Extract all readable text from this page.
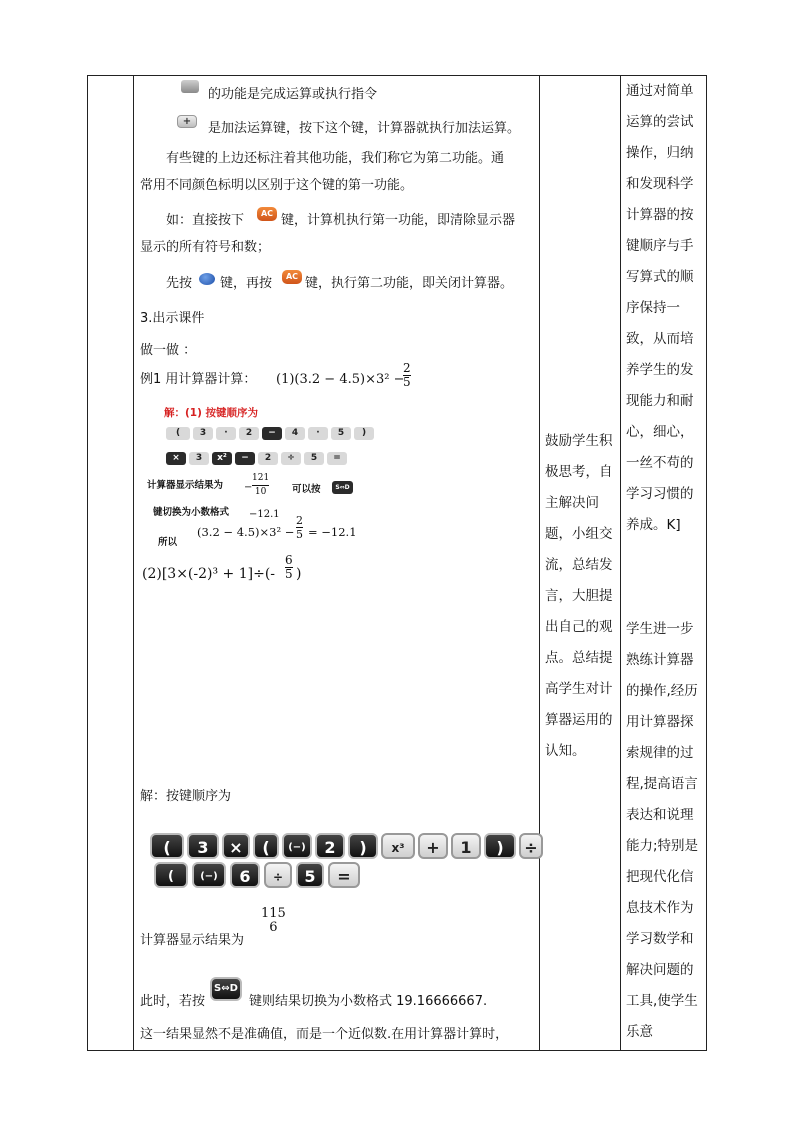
的功能是完成运算或执行指令
+	是加法运算键，按下这个键，计算器就执行加法运算。
有些键的上边还标注着其他功能，我们称它为第二功能。通
常用不同颜色标明以区别于这个键的第一功能。
如：直接按下	AC 键，计算机执行第一功能，即清除显示器
显示的所有符号和数；
先按 键，再按	AC 键，执行第二功能，即关闭计算器。
3.出示课件
做一做 ：
例1 用计算器计算： (1)(3.2 − 4.5)×3² −
2
5
解：(1) 按键顺序为
(	3	·	2	−	4	·	5	)
×	3	x²	−	2	÷	5	=
计算器显示结果为 −
121
10	可以按	S⇔D
键切换为小数格式 −12.1
所以
(3.2 − 4.5)×3² −
2
5 = −12.1
(2)[3×(-2)³ + 1]÷(-
6
5 )
解：按键顺序为
(	3	×	(	(−)	2	)	x³	+	1	)	÷
(	(−)	6	÷	5	=
计算器显示结果为
115
6
此时，若按
S⇔D
键则结果切换为小数格式 19.16666667.
这一结果显然不是准确值，而是一个近似数.在用计算器计算时，
鼓励学生积极思考，自主解决问题，小组交流，总结发言，大胆提出自己的观点。总结提高学生对计算器运用的认知。
通过对简单运算的尝试操作，归纳和发现科学计算器的按键顺序与手写算式的顺序保持一致，从而培养学生的发现能力和耐心，细心，一丝不苟的学习习惯的养成。K]
学生进一步熟练计算器的操作,经历用计算器探索规律的过程,提高语言表达和说理能力;特别是把现代化信息技术作为学习数学和解决问题的工具,使学生乐意
